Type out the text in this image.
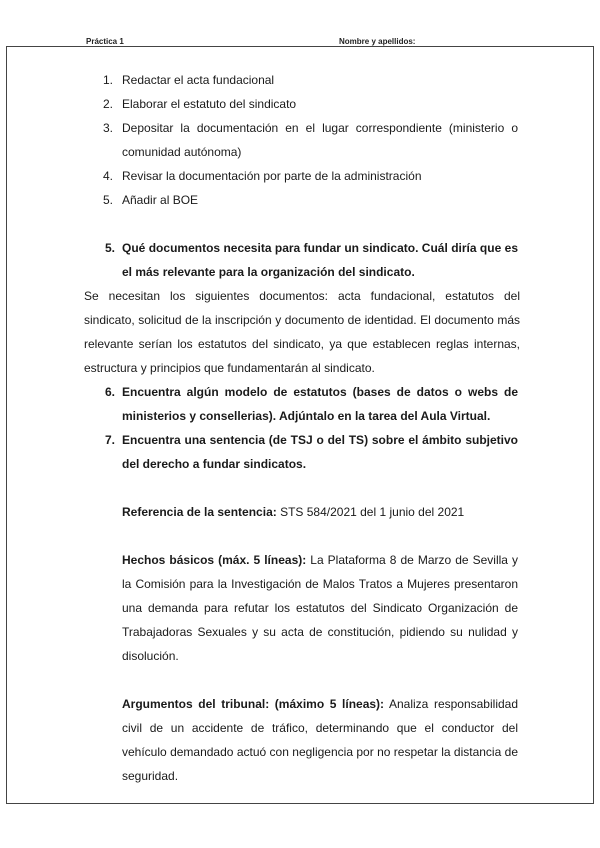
Práctica 1	Nombre y apellidos:
1. Redactar el acta fundacional
2. Elaborar el estatuto del sindicato
3. Depositar la documentación en el lugar correspondiente (ministerio o comunidad autónoma)
4. Revisar la documentación por parte de la administración
5. Añadir al BOE
5. Qué documentos necesita para fundar un sindicato. Cuál diría que es el más relevante para la organización del sindicato.
Se necesitan los siguientes documentos: acta fundacional, estatutos del sindicato, solicitud de la inscripción y documento de identidad. El documento más relevante serían los estatutos del sindicato, ya que establecen reglas internas, estructura y principios que fundamentarán al sindicato.
6. Encuentra algún modelo de estatutos (bases de datos o webs de ministerios y consellerias). Adjúntalo en la tarea del Aula Virtual.
7. Encuentra una sentencia (de TSJ o del TS) sobre el ámbito subjetivo del derecho a fundar sindicatos.
Referencia de la sentencia: STS 584/2021 del 1 junio del 2021
Hechos básicos (máx. 5 líneas): La Plataforma 8 de Marzo de Sevilla y la Comisión para la Investigación de Malos Tratos a Mujeres presentaron una demanda para refutar los estatutos del Sindicato Organización de Trabajadoras Sexuales y su acta de constitución, pidiendo su nulidad y disolución.
Argumentos del tribunal: (máximo 5 líneas): Analiza responsabilidad civil de un accidente de tráfico, determinando que el conductor del vehículo demandado actuó con negligencia por no respetar la distancia de seguridad.
